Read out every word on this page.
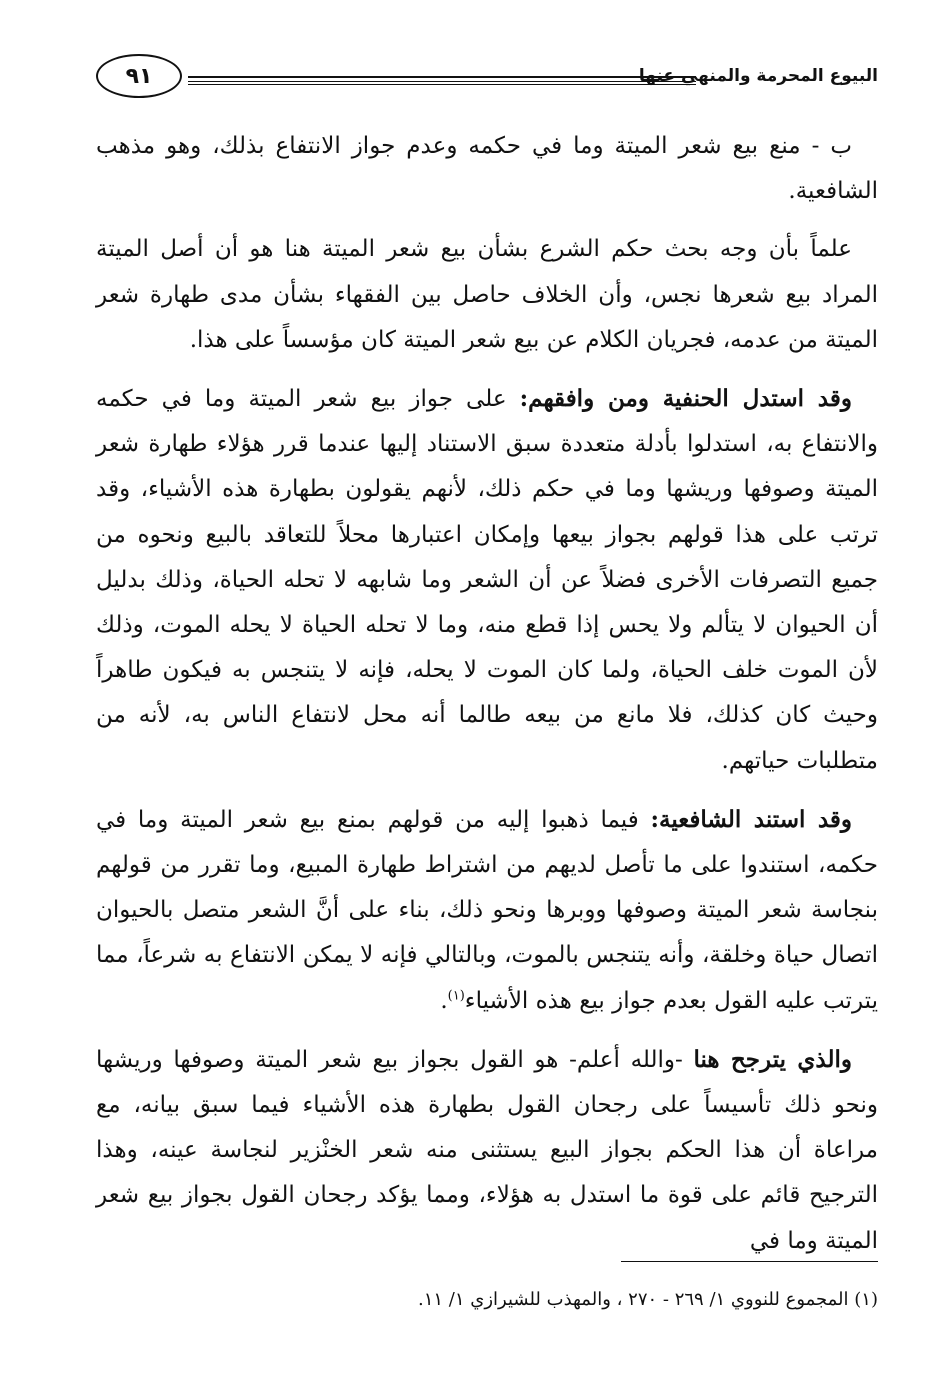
البيوع المحرمة والمنهي عنها
٩١

ب - منع بيع شعر الميتة وما في حكمه وعدم جواز الانتفاع بذلك، وهو مذهب الشافعية.

علماً بأن وجه بحث حكم الشرع بشأن بيع شعر الميتة هنا هو أن أصل الميتة المراد بيع شعرها نجس، وأن الخلاف حاصل بين الفقهاء بشأن مدى طهارة شعر الميتة من عدمه، فجريان الكلام عن بيع شعر الميتة كان مؤسساً على هذا.

وقد استدل الحنفية ومن وافقهم: على جواز بيع شعر الميتة وما في حكمه والانتفاع به، استدلوا بأدلة متعددة سبق الاستناد إليها عندما قرر هؤلاء طهارة شعر الميتة وصوفها وريشها وما في حكم ذلك، لأنهم يقولون بطهارة هذه الأشياء، وقد ترتب على هذا قولهم بجواز بيعها وإمكان اعتبارها محلاً للتعاقد بالبيع ونحوه من جميع التصرفات الأخرى فضلاً عن أن الشعر وما شابهه لا تحله الحياة، وذلك بدليل أن الحيوان لا يتألم ولا يحس إذا قطع منه، وما لا تحله الحياة لا يحله الموت، وذلك لأن الموت خلف الحياة، ولما كان الموت لا يحله، فإنه لا يتنجس به فيكون طاهراً وحيث كان كذلك، فلا مانع من بيعه طالما أنه محل لانتفاع الناس به، لأنه من متطلبات حياتهم.

وقد استند الشافعية: فيما ذهبوا إليه من قولهم بمنع بيع شعر الميتة وما في حكمه، استندوا على ما تأصل لديهم من اشتراط طهارة المبيع، وما تقرر من قولهم بنجاسة شعر الميتة وصوفها ووبرها ونحو ذلك، بناء على أنَّ الشعر متصل بالحيوان اتصال حياة وخلقة، وأنه يتنجس بالموت، وبالتالي فإنه لا يمكن الانتفاع به شرعاً، مما يترتب عليه القول بعدم جواز بيع هذه الأشياء$^{(١)}$.

والذي يترجح هنا -والله أعلم- هو القول بجواز بيع شعر الميتة وصوفها وريشها ونحو ذلك تأسيساً على رجحان القول بطهارة هذه الأشياء فيما سبق بيانه، مع مراعاة أن هذا الحكم بجواز البيع يستثنى منه شعر الخنْزير لنجاسة عينه، وهذا الترجيح قائم على قوة ما استدل به هؤلاء، ومما يؤكد رجحان القول بجواز بيع شعر الميتة وما في

(١) المجموع للنووي ١/ ٢٦٩ - ٢٧٠ ، والمهذب للشيرازي ١/ ١١.
